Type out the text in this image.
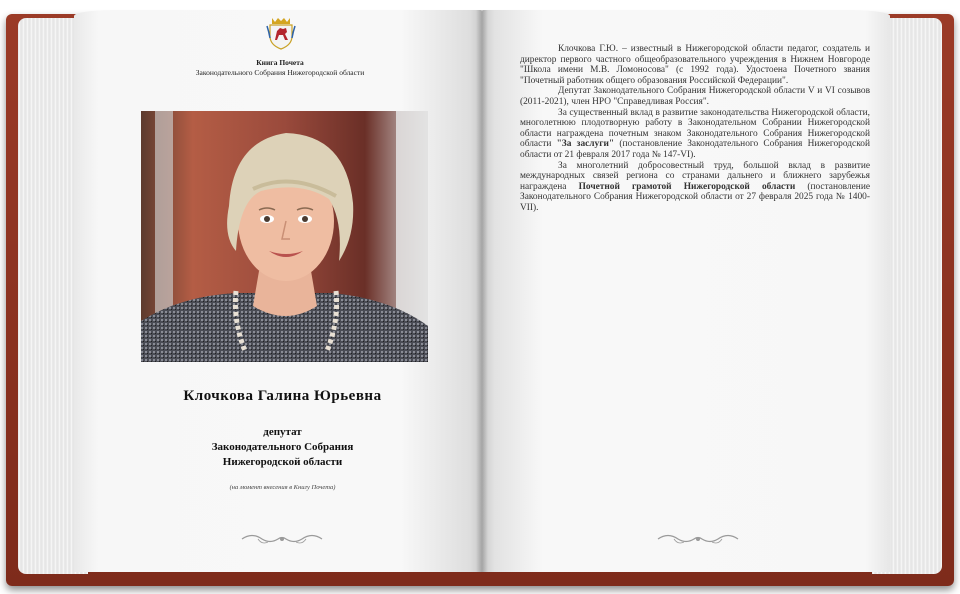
Книга Почета
Законодательного Собрания Нижегородской области
Клочкова Галина Юрьевна
депутат
Законодательного Собрания
Нижегородской области
(на момент внесения в Книгу Почета)

Клочкова Г.Ю. – известный в Нижегородской области педагог, создатель и директор первого частного общеобразовательного учреждения в Нижнем Новгороде "Школа имени М.В. Ломоносова" (с 1992 года). Удостоена Почетного звания "Почетный работник общего образования Российской Федерации".

Депутат Законодательного Собрания Нижегородской области V и VI созывов (2011-2021), член НРО "Справедливая Россия".

За существенный вклад в развитие законодательства Нижегородской области, многолетнюю плодотворную работу в Законодательном Собрании Нижегородской области награждена почетным знаком Законодательного Собрания Нижегородской области "За заслуги" (постановление Законодательного Собрания Нижегородской области от 21 февраля 2017 года № 147-VI).

За многолетний добросовестный труд, большой вклад в развитие международных связей региона со странами дальнего и ближнего зарубежья награждена Почетной грамотой Нижегородской области (постановление Законодательного Собрания Нижегородской области от 27 февраля 2025 года № 1400-VII).
